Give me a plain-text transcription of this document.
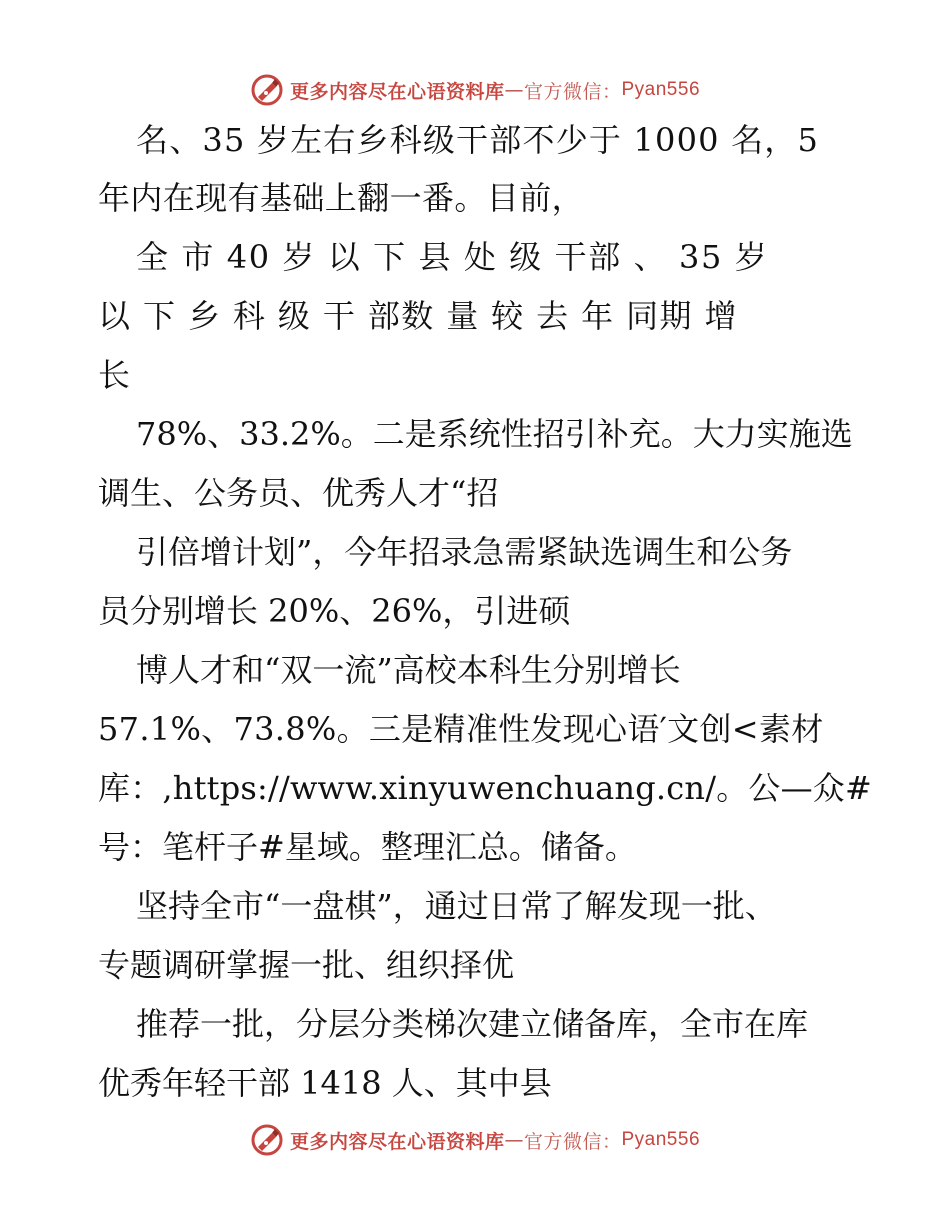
更多内容尽在心语资料库 — 官方微信： Pyan556
名、35 岁左右乡科级干部不少于 1000 名，5
年内在现有基础上翻一番。目前，
全 市 40 岁 以 下 县 处 级 干部 、 35 岁
以 下 乡 科 级 干 部数 量 较 去 年 同期 增
长
78%、33.2%。二是系统性招引补充。大力实施选
调生、公务员、优秀人才“招
引倍增计划”，今年招录急需紧缺选调生和公务
员分别增长 20%、26%，引进硕
博人才和“双一流”高校本科生分别增长
57.1%、73.8%。三是精准性发现心语′文创<素材
库：,https://www.xinyuwenchuang.cn/。公—众#
号：笔杆子#星域。整理汇总。储备。
坚持全市“一盘棋”，通过日常了解发现一批、
专题调研掌握一批、组织择优
推荐一批，分层分类梯次建立储备库，全市在库
优秀年轻干部 1418 人、其中县
更多内容尽在心语资料库 — 官方微信： Pyan556
